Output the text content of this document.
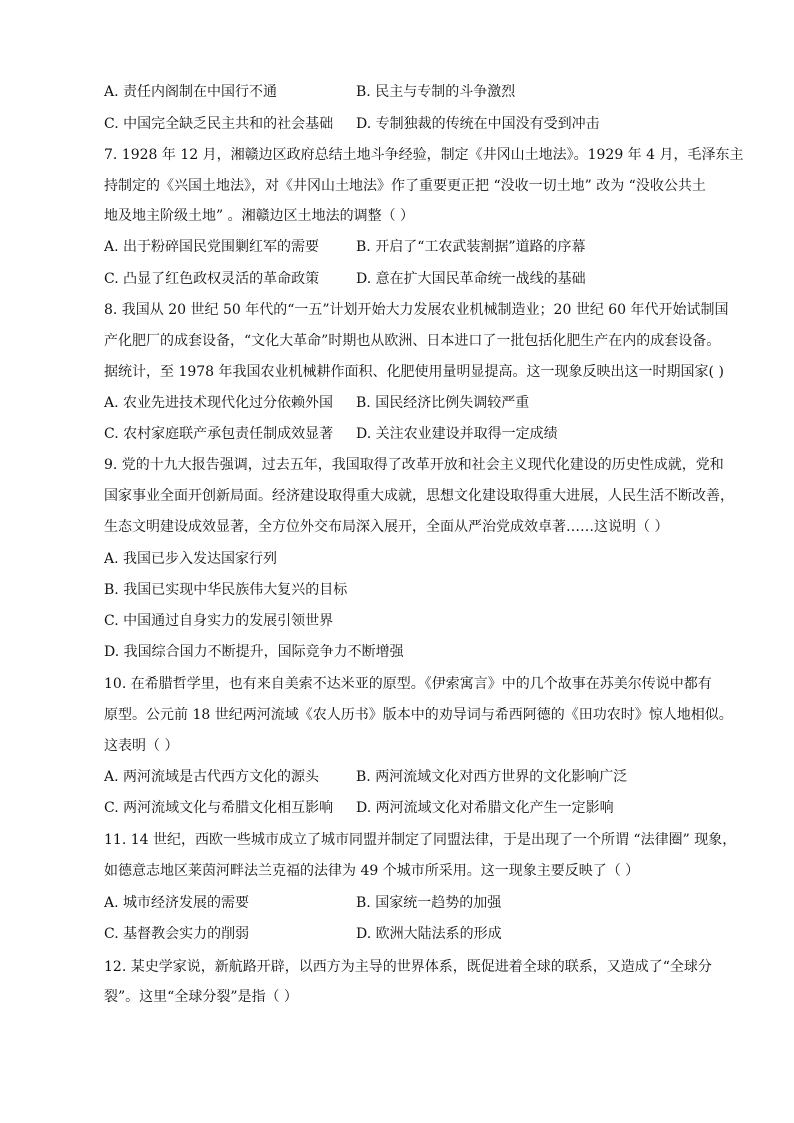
A. 责任内阁制在中国行不通	B. 民主与专制的斗争激烈
C. 中国完全缺乏民主共和的社会基础 D. 专制独裁的传统在中国没有受到冲击
7. 1928 年 12 月，湘赣边区政府总结土地斗争经验，制定《井冈山土地法》。1929 年 4 月，毛泽东主
持制定的《兴国土地法》，对《井冈山土地法》作了重要更正把 “没收一切土地” 改为 “没收公共土
地及地主阶级土地” 。湘赣边区土地法的调整（ ）
A. 出于粉碎国民党围剿红军的需要	B. 开启了“工农武装割据”道路的序幕
C. 凸显了红色政权灵活的革命政策	D. 意在扩大国民革命统一战线的基础
8. 我国从 20 世纪 50 年代的“一五”计划开始大力发展农业机械制造业；20 世纪 60 年代开始试制国
产化肥厂的成套设备，“文化大革命”时期也从欧洲、日本进口了一批包括化肥生产在内的成套设备。
据统计，至 1978 年我国农业机械耕作面积、化肥使用量明显提高。这一现象反映出这一时期国家( )
A. 农业先进技术现代化过分依赖外国 B. 国民经济比例失调较严重
C. 农村家庭联产承包责任制成效显著 D. 关注农业建设并取得一定成绩
9. 党的十九大报告强调，过去五年，我国取得了改革开放和社会主义现代化建设的历史性成就，党和
国家事业全面开创新局面。经济建设取得重大成就，思想文化建设取得重大进展，人民生活不断改善，
生态文明建设成效显著，全方位外交布局深入展开，全面从严治党成效卓著……这说明（ ）
A. 我国已步入发达国家行列
B. 我国已实现中华民族伟大复兴的目标
C. 中国通过自身实力的发展引领世界
D. 我国综合国力不断提升，国际竞争力不断增强
10. 在希腊哲学里，也有来自美索不达米亚的原型。《伊索寓言》中的几个故事在苏美尔传说中都有
原型。公元前 18 世纪两河流域《农人历书》版本中的劝导词与希西阿德的《田功农时》惊人地相似。
这表明（ ）
A. 两河流域是古代西方文化的源头	B. 两河流域文化对西方世界的文化影响广泛
C. 两河流域文化与希腊文化相互影响 D. 两河流域文化对希腊文化产生一定影响
11. 14 世纪，西欧一些城市成立了城市同盟并制定了同盟法律，于是出现了一个所谓 “法律圈” 现象，
如德意志地区莱茵河畔法兰克福的法律为 49 个城市所采用。这一现象主要反映了（ ）
A. 城市经济发展的需要	B. 国家统一趋势的加强
C. 基督教会实力的削弱	D. 欧洲大陆法系的形成
12. 某史学家说，新航路开辟，以西方为主导的世界体系，既促进着全球的联系，又造成了“全球分
裂”。这里“全球分裂”是指（ ）
